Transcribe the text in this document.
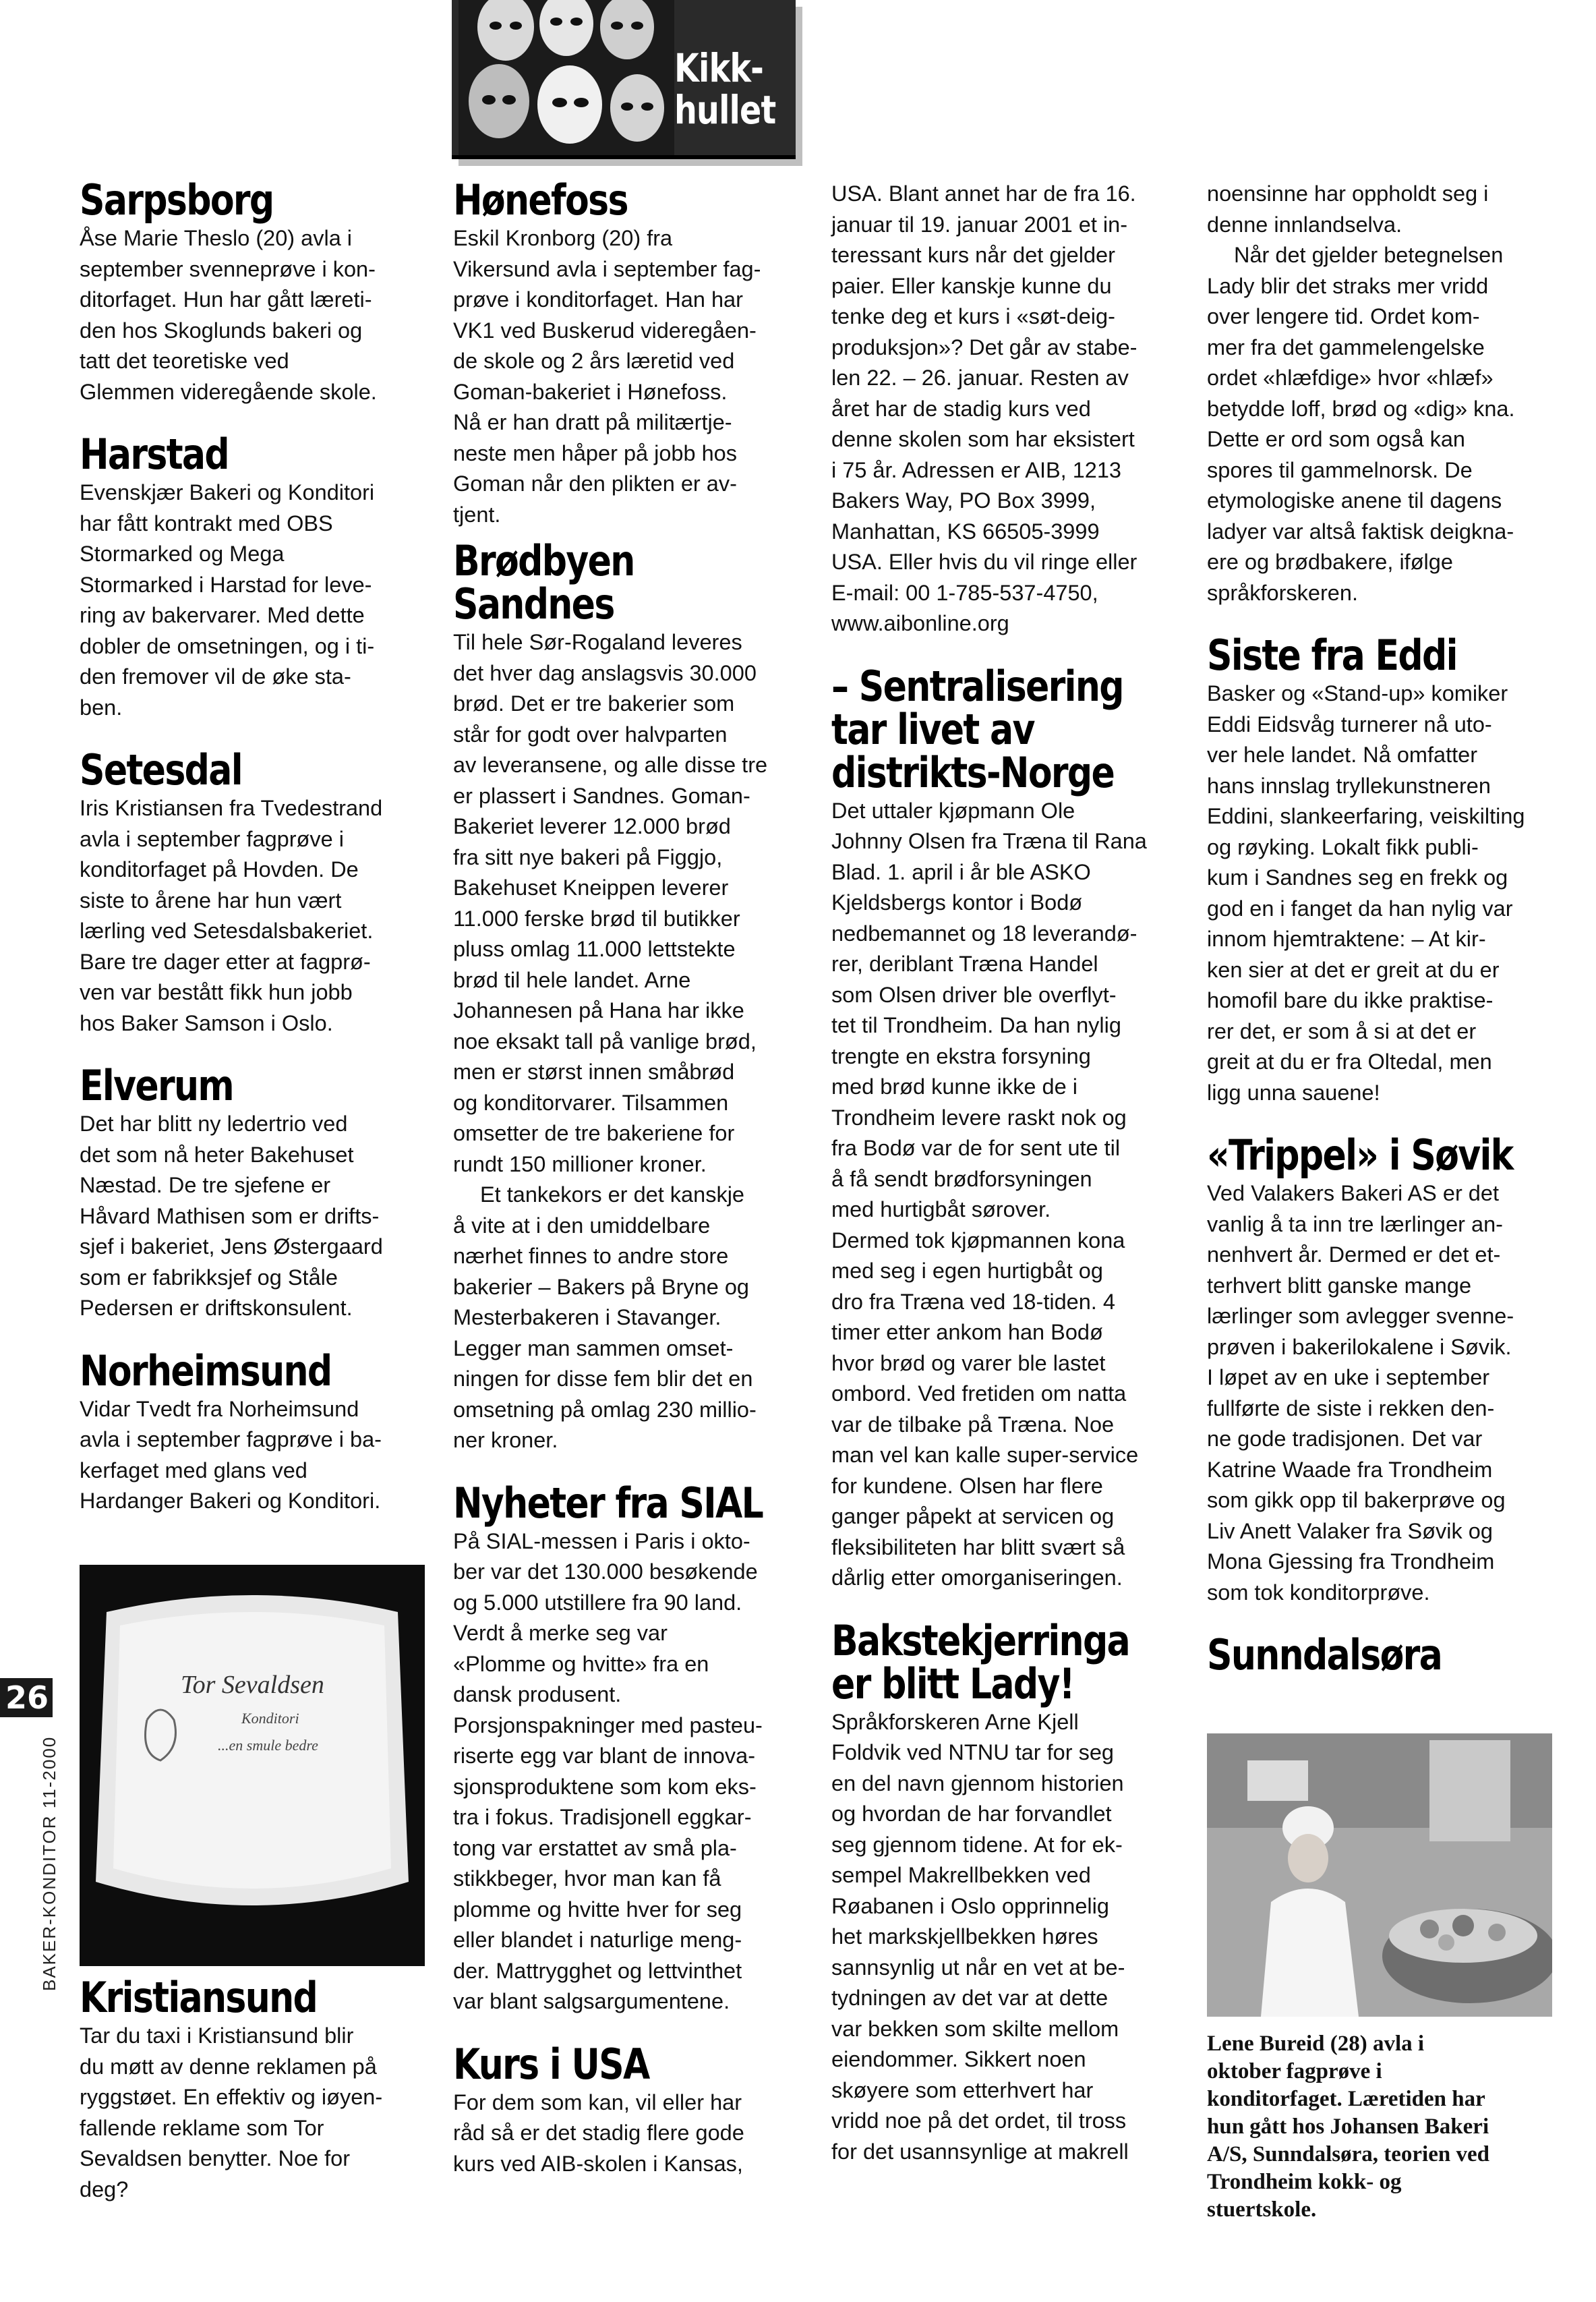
Kikk-
hullet
Sarpsborg

Åse Marie Theslo (20) avla i
september svenneprøve i kon-
ditorfaget. Hun har gått læreti-
den hos Skoglunds bakeri og
tatt det teoretiske ved
Glemmen videregående skole.

Harstad

Evenskjær Bakeri og Konditori
har fått kontrakt med OBS
Stormarked og Mega
Stormarked i Harstad for leve-
ring av bakervarer. Med dette
dobler de omsetningen, og i ti-
den fremover vil de øke sta-
ben.

Setesdal

Iris Kristiansen fra Tvedestrand
avla i september fagprøve i
konditorfaget på Hovden. De
siste to årene har hun vært
lærling ved Setesdalsbakeriet.
Bare tre dager etter at fagprø-
ven var bestått fikk hun jobb
hos Baker Samson i Oslo.

Elverum

Det har blitt ny ledertrio ved
det som nå heter Bakehuset
Næstad. De tre sjefene er
Håvard Mathisen som er drifts-
sjef i bakeriet, Jens Østergaard
som er fabrikksjef og Ståle
Pedersen er driftskonsulent.

Norheimsund

Vidar Tvedt fra Norheimsund
avla i september fagprøve i ba-
kerfaget med glans ved
Hardanger Bakeri og Konditori.

Tor Sevaldsen
Konditori
...en smule bedre
Kristiansund

Tar du taxi i Kristiansund blir
du møtt av denne reklamen på
ryggstøet. En effektiv og iøyen-
fallende reklame som Tor
Sevaldsen benytter. Noe for
deg?

Hønefoss

Eskil Kronborg (20) fra
Vikersund avla i september fag-
prøve i konditorfaget. Han har
VK1 ved Buskerud videregåen-
de skole og 2 års læretid ved
Goman-bakeriet i Hønefoss.
Nå er han dratt på militærtje-
neste men håper på jobb hos
Goman når den plikten er av-
tjent.

Brødbyen
Sandnes

Til hele Sør-Rogaland leveres
det hver dag anslagsvis 30.000
brød. Det er tre bakerier som
står for godt over halvparten
av leveransene, og alle disse tre
er plassert i Sandnes. Goman-
Bakeriet leverer 12.000 brød
fra sitt nye bakeri på Figgjo,
Bakehuset Kneippen leverer
11.000 ferske brød til butikker
pluss omlag 11.000 lettstekte
brød til hele landet. Arne
Johannesen på Hana har ikke
noe eksakt tall på vanlige brød,
men er størst innen småbrød
og konditorvarer. Tilsammen
omsetter de tre bakeriene for
rundt 150 millioner kroner.

Et tankekors er det kanskje
å vite at i den umiddelbare
nærhet finnes to andre store
bakerier – Bakers på Bryne og
Mesterbakeren i Stavanger.
Legger man sammen omset-
ningen for disse fem blir det en
omsetning på omlag 230 millio-
ner kroner.

Nyheter fra SIAL

På SIAL-messen i Paris i okto-
ber var det 130.000 besøkende
og 5.000 utstillere fra 90 land.
Verdt å merke seg var
«Plomme og hvitte» fra en
dansk produsent.
Porsjonspakninger med pasteu-
riserte egg var blant de innova-
sjonsproduktene som kom eks-
tra i fokus. Tradisjonell eggkar-
tong var erstattet av små pla-
stikkbeger, hvor man kan få
plomme og hvitte hver for seg
eller blandet i naturlige meng-
der. Mattrygghet og lettvinthet
var blant salgsargumentene.

Kurs i USA

For dem som kan, vil eller har
råd så er det stadig flere gode
kurs ved AIB-skolen i Kansas,

USA. Blant annet har de fra 16.
januar til 19. januar 2001 et in-
teressant kurs når det gjelder
paier. Eller kanskje kunne du
tenke deg et kurs i «søt-deig-
produksjon»? Det går av stabe-
len 22. – 26. januar. Resten av
året har de stadig kurs ved
denne skolen som har eksistert
i 75 år. Adressen er AIB, 1213
Bakers Way, PO Box 3999,
Manhattan, KS 66505-3999
USA. Eller hvis du vil ringe eller
E-mail: 00 1-785-537-4750,
www.aibonline.org

– Sentralisering
tar livet av
distrikts-Norge

Det uttaler kjøpmann Ole
Johnny Olsen fra Træna til Rana
Blad. 1. april i år ble ASKO
Kjeldsbergs kontor i Bodø
nedbemannet og 18 leverandø-
rer, deriblant Træna Handel
som Olsen driver ble overflyt-
tet til Trondheim. Da han nylig
trengte en ekstra forsyning
med brød kunne ikke de i
Trondheim levere raskt nok og
fra Bodø var de for sent ute til
å få sendt brødforsyningen
med hurtigbåt sørover.
Dermed tok kjøpmannen kona
med seg i egen hurtigbåt og
dro fra Træna ved 18-tiden. 4
timer etter ankom han Bodø
hvor brød og varer ble lastet
ombord. Ved fretiden om natta
var de tilbake på Træna. Noe
man vel kan kalle super-service
for kundene. Olsen har flere
ganger påpekt at servicen og
fleksibiliteten har blitt svært så
dårlig etter omorganiseringen.

Bakstekjerringa
er blitt Lady!

Språkforskeren Arne Kjell
Foldvik ved NTNU tar for seg
en del navn gjennom historien
og hvordan de har forvandlet
seg gjennom tidene. At for ek-
sempel Makrellbekken ved
Røabanen i Oslo opprinnelig
het markskjellbekken høres
sannsynlig ut når en vet at be-
tydningen av det var at dette
var bekken som skilte mellom
eiendommer. Sikkert noen
skøyere som etterhvert har
vridd noe på det ordet, til tross
for det usannsynlige at makrell

noensinne har oppholdt seg i
denne innlandselva.

Når det gjelder betegnelsen
Lady blir det straks mer vridd
over lengere tid. Ordet kom-
mer fra det gammelengelske
ordet «hlæfdige» hvor «hlæf»
betydde loff, brød og «dig» kna.
Dette er ord som også kan
spores til gammelnorsk. De
etymologiske anene til dagens
ladyer var altså faktisk deigkna-
ere og brødbakere, ifølge
språkforskeren.

Siste fra Eddi

Basker og «Stand-up» komiker
Eddi Eidsvåg turnerer nå uto-
ver hele landet. Nå omfatter
hans innslag tryllekunstneren
Eddini, slankeerfaring, veiskilting
og røyking. Lokalt fikk publi-
kum i Sandnes seg en frekk og
god en i fanget da han nylig var
innom hjemtraktene: – At kir-
ken sier at det er greit at du er
homofil bare du ikke praktise-
rer det, er som å si at det er
greit at du er fra Oltedal, men
ligg unna sauene!

«Trippel» i Søvik

Ved Valakers Bakeri AS er det
vanlig å ta inn tre lærlinger an-
nenhvert år. Dermed er det et-
terhvert blitt ganske mange
lærlinger som avlegger svenne-
prøven i bakerilokalene i Søvik.
I løpet av en uke i september
fullførte de siste i rekken den-
ne gode tradisjonen. Det var
Katrine Waade fra Trondheim
som gikk opp til bakerprøve og
Liv Anett Valaker fra Søvik og
Mona Gjessing fra Trondheim
som tok konditorprøve.

Sunndalsøra

Lene Bureid (28) avla i
oktober fagprøve i
konditorfaget. Læretiden har
hun gått hos Johansen Bakeri
A/S, Sunndalsøra, teorien ved
Trondheim kokk- og
stuertskole.

26
BAKER-KONDITOR 11-2000
